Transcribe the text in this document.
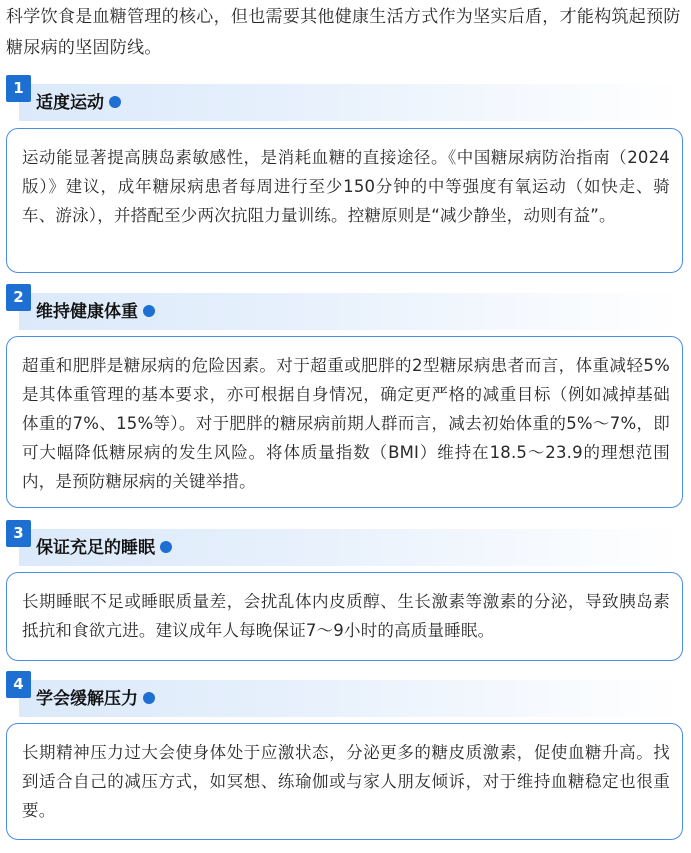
科学饮食是血糖管理的核心，但也需要其他健康生活方式作为坚实后盾，才能构筑起预防糖尿病的坚固防线。

1
适度运动

运动能显著提高胰岛素敏感性，是消耗血糖的直接途径。《中国糖尿病防治指南（2024版）》建议，成年糖尿病患者每周进行至少150分钟的中等强度有氧运动（如快走、骑车、游泳），并搭配至少两次抗阻力量训练。控糖原则是“减少静坐，动则有益”。

2
维持健康体重

超重和肥胖是糖尿病的危险因素。对于超重或肥胖的2型糖尿病患者而言，体重减轻5%是其体重管理的基本要求，亦可根据自身情况，确定更严格的减重目标（例如减掉基础体重的7%、15%等）。对于肥胖的糖尿病前期人群而言，减去初始体重的5%～7%，即可大幅降低糖尿病的发生风险。将体质量指数（BMI）维持在18.5～23.9的理想范围内，是预防糖尿病的关键举措。

3
保证充足的睡眠

长期睡眠不足或睡眠质量差，会扰乱体内皮质醇、生长激素等激素的分泌，导致胰岛素抵抗和食欲亢进。建议成年人每晚保证7～9小时的高质量睡眠。

4
学会缓解压力

长期精神压力过大会使身体处于应激状态，分泌更多的糖皮质激素，促使血糖升高。找到适合自己的减压方式，如冥想、练瑜伽或与家人朋友倾诉，对于维持血糖稳定也很重要。
